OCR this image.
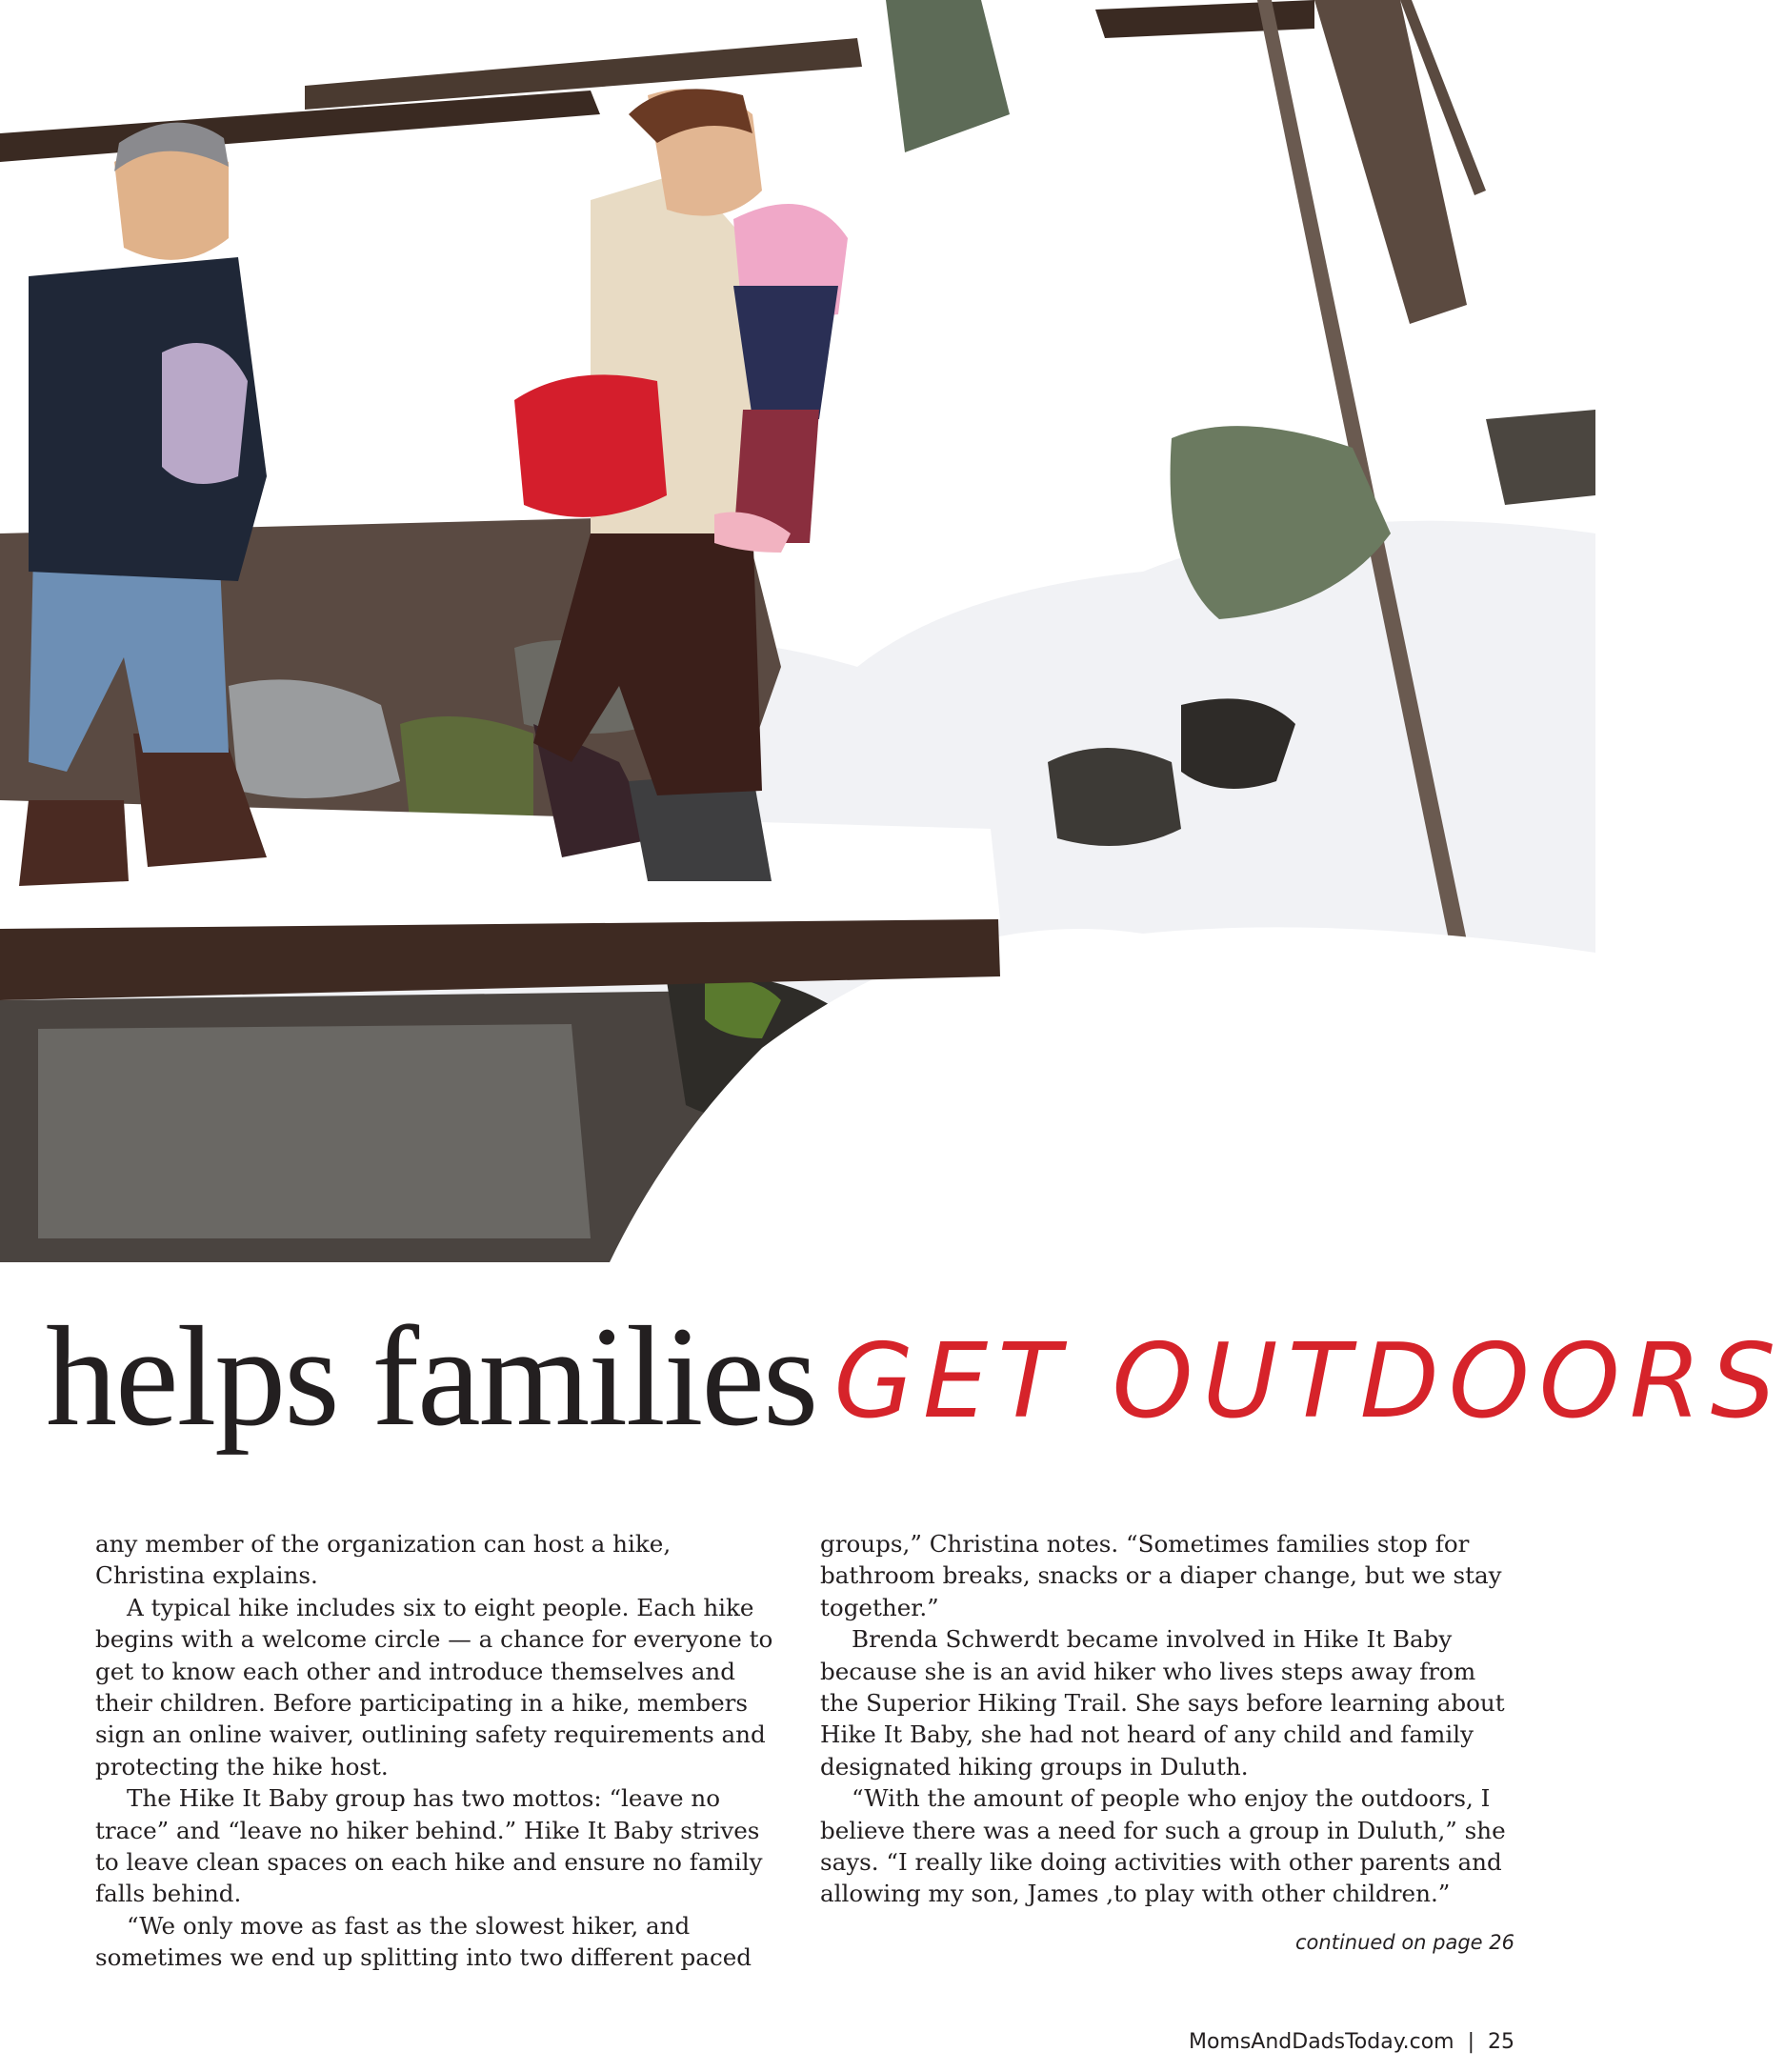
helps families GET OUTDOORS

any member of the organization can host a hike, Christina explains.

A typical hike includes six to eight people. Each hike begins with a welcome circle — a chance for everyone to get to know each other and introduce themselves and their children. Before participating in a hike, members sign an online waiver, outlining safety requirements and protecting the hike host.

The Hike It Baby group has two mottos: “leave no trace” and “leave no hiker behind.” Hike It Baby strives to leave clean spaces on each hike and ensure no family falls behind.

“We only move as fast as the slowest hiker, and sometimes we end up splitting into two different paced

groups,” Christina notes. “Sometimes families stop for bathroom breaks, snacks or a diaper change, but we stay together.”

Brenda Schwerdt became involved in Hike It Baby because she is an avid hiker who lives steps away from the Superior Hiking Trail. She says before learning about Hike It Baby, she had not heard of any child and family designated hiking groups in Duluth.

“With the amount of people who enjoy the outdoors, I believe there was a need for such a group in Duluth,” she says. “I really like doing activities with other parents and allowing my son, James ,to play with other children.”

continued on page 26
MomsAndDadsToday.com | 25
